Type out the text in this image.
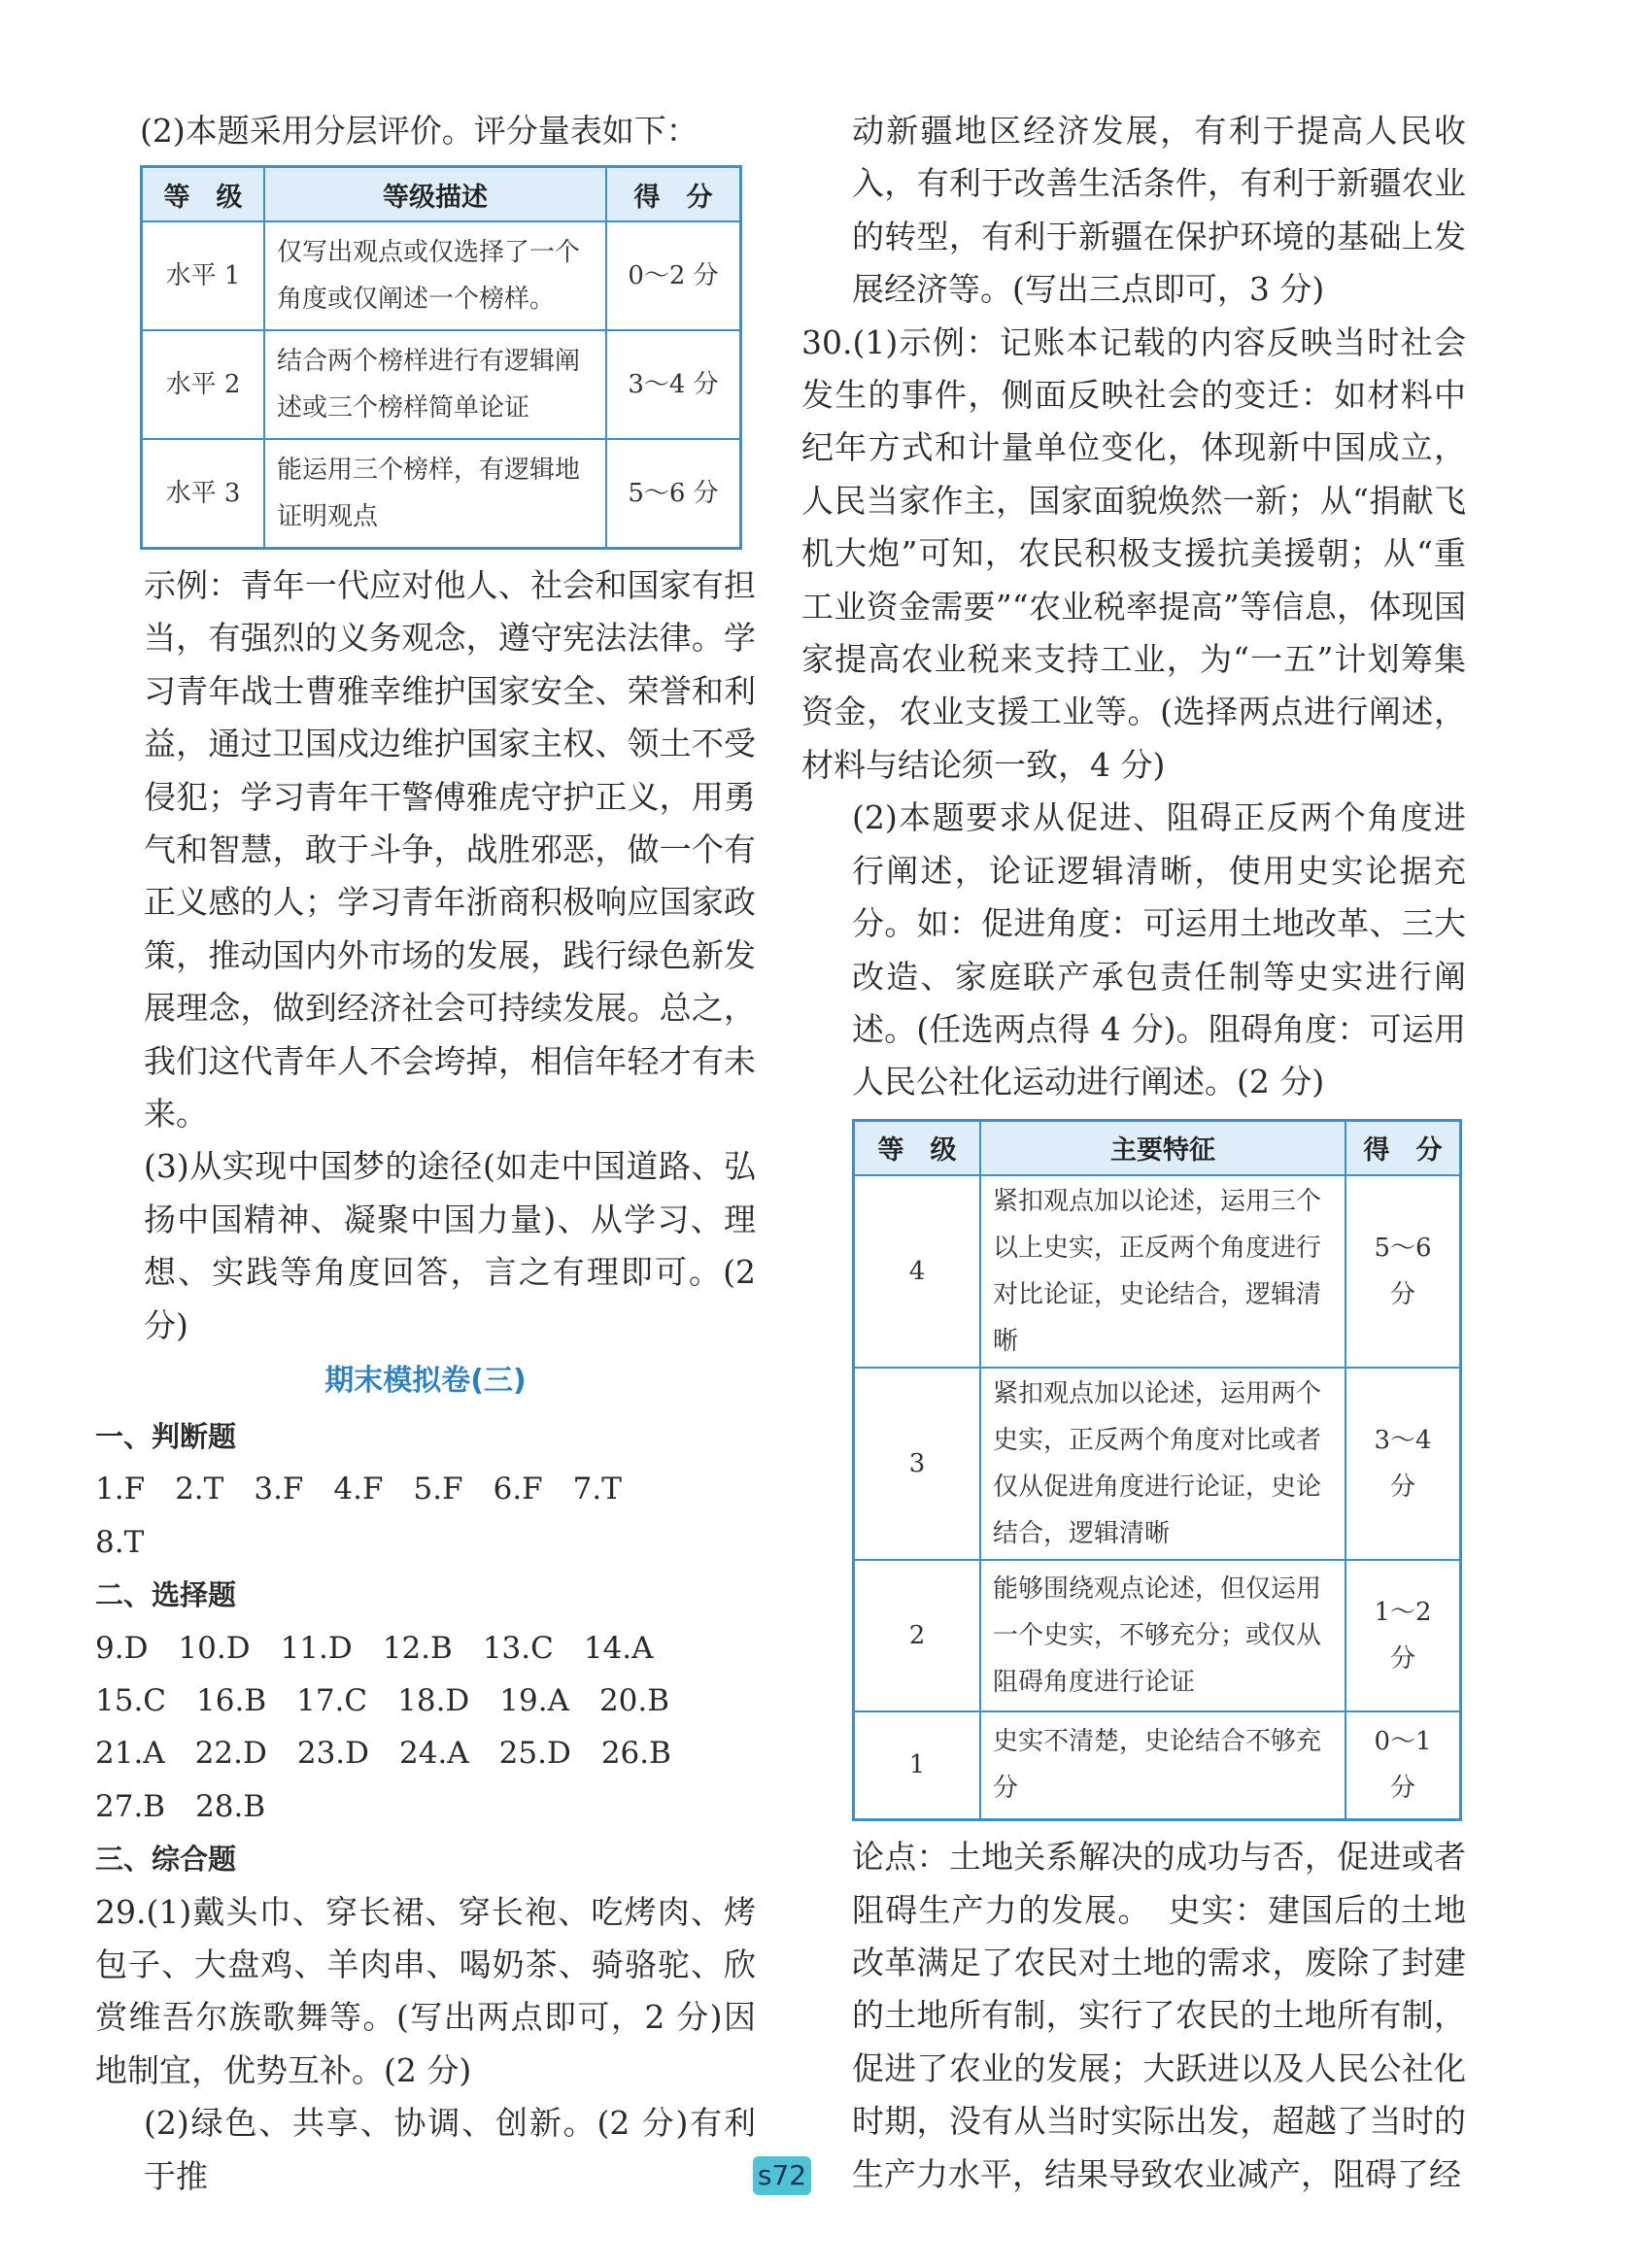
(2)本题采用分层评价。评分量表如下：

等　级	等级描述	得　分
水平 1	仅写出观点或仅选择了一个角度或仅阐述一个榜样。	0～2 分
水平 2	结合两个榜样进行有逻辑阐述或三个榜样简单论证	3～4 分
水平 3	能运用三个榜样，有逻辑地证明观点	5～6 分

示例：青年一代应对他人、社会和国家有担当，有强烈的义务观念，遵守宪法法律。学习青年战士曹雅幸维护国家安全、荣誉和利益，通过卫国戍边维护国家主权、领土不受侵犯；学习青年干警傅雅虎守护正义，用勇气和智慧，敢于斗争，战胜邪恶，做一个有正义感的人；学习青年浙商积极响应国家政策，推动国内外市场的发展，践行绿色新发展理念，做到经济社会可持续发展。总之，我们这代青年人不会垮掉，相信年轻才有未来。

(3)从实现中国梦的途径(如走中国道路、弘扬中国精神、凝聚中国力量)、从学习、理想、实践等角度回答，言之有理即可。(2 分)

期末模拟卷(三)

一、判断题

1.F　2.T　3.F　4.F　5.F　6.F　7.T

8.T

二、选择题

9.D　10.D　11.D　12.B　13.C　14.A

15.C　16.B　17.C　18.D　19.A　20.B

21.A　22.D　23.D　24.A　25.D　26.B

27.B　28.B

三、综合题

29.(1)戴头巾、穿长裙、穿长袍、吃烤肉、烤包子、大盘鸡、羊肉串、喝奶茶、骑骆驼、欣赏维吾尔族歌舞等。(写出两点即可，2 分)因地制宜，优势互补。(2 分)

(2)绿色、共享、协调、创新。(2 分)有利于推

动新疆地区经济发展，有利于提高人民收入，有利于改善生活条件，有利于新疆农业的转型，有利于新疆在保护环境的基础上发展经济等。(写出三点即可，3 分)

30.(1)示例：记账本记载的内容反映当时社会发生的事件，侧面反映社会的变迁：如材料中纪年方式和计量单位变化，体现新中国成立，人民当家作主，国家面貌焕然一新；从“捐献飞机大炮”可知，农民积极支援抗美援朝；从“重工业资金需要”“农业税率提高”等信息，体现国家提高农业税来支持工业，为“一五”计划筹集资金，农业支援工业等。(选择两点进行阐述，材料与结论须一致，4 分)

(2)本题要求从促进、阻碍正反两个角度进行阐述，论证逻辑清晰，使用史实论据充分。如：促进角度：可运用土地改革、三大改造、家庭联产承包责任制等史实进行阐述。(任选两点得 4 分)。阻碍角度：可运用人民公社化运动进行阐述。(2 分)

等　级	主要特征	得　分
4	紧扣观点加以论述，运用三个以上史实，正反两个角度进行对比论证，史论结合，逻辑清晰	5～6 分
3	紧扣观点加以论述，运用两个史实，正反两个角度对比或者仅从促进角度进行论证，史论结合，逻辑清晰	3～4 分
2	能够围绕观点论述，但仅运用一个史实，不够充分；或仅从阻碍角度进行论证	1～2 分
1	史实不清楚，史论结合不够充分	0～1 分

论点：土地关系解决的成功与否，促进或者阻碍生产力的发展。　史实：建国后的土地改革满足了农民对土地的需求，废除了封建的土地所有制，实行了农民的土地所有制，促进了农业的发展；大跃进以及人民公社化时期，没有从当时实际出发，超越了当时的生产力水平，结果导致农业减产，阻碍了经

s72
